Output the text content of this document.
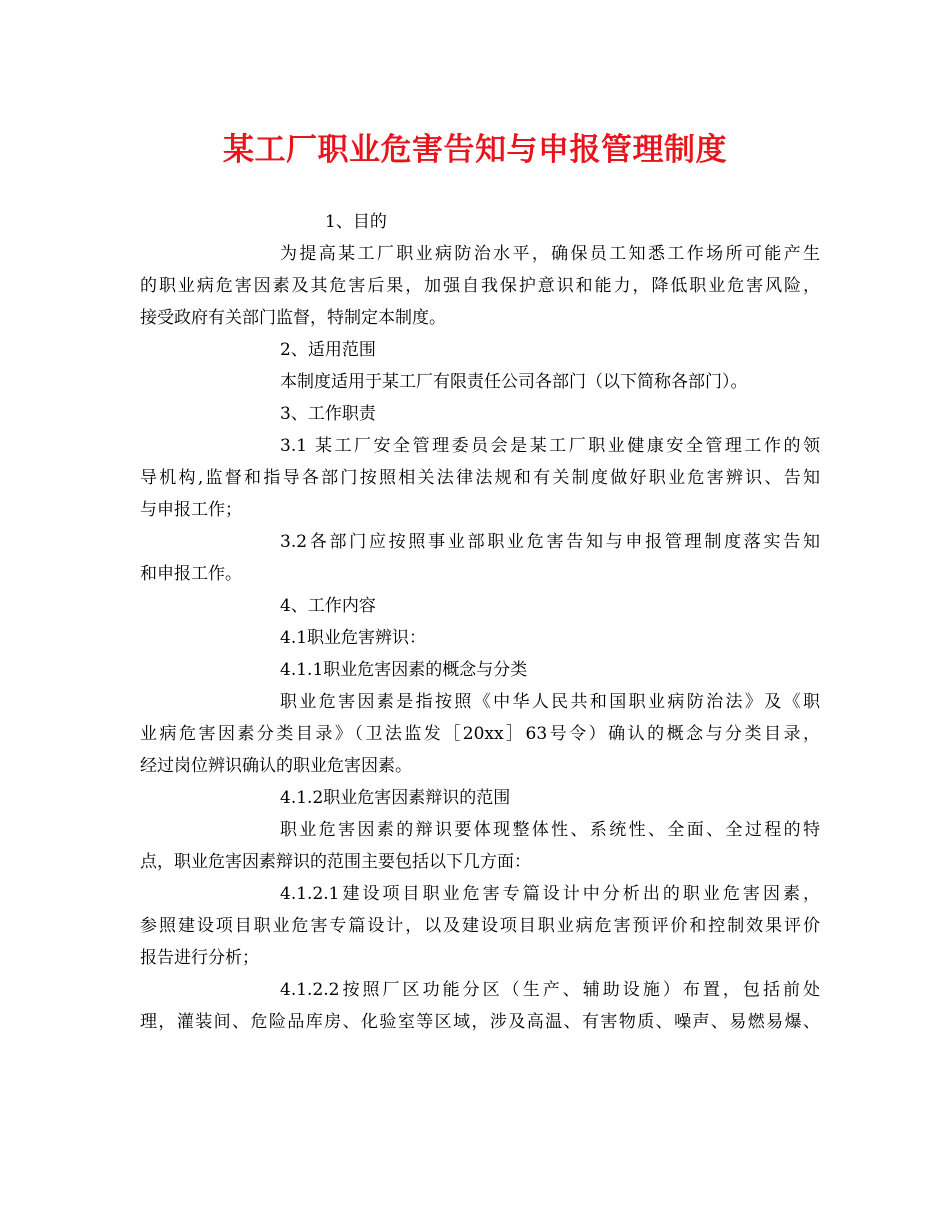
某工厂职业危害告知与申报管理制度
1、目的
为提高某工厂职业病防治水平，确保员工知悉工作场所可能产生
的职业病危害因素及其危害后果，加强自我保护意识和能力，降低职业危害风险，
接受政府有关部门监督，特制定本制度。
2、适用范围
本制度适用于某工厂有限责任公司各部门（以下简称各部门）。
3、工作职责
3.1 某工厂安全管理委员会是某工厂职业健康安全管理工作的领
导机构,监督和指导各部门按照相关法律法规和有关制度做好职业危害辨识、告知
与申报工作；
3.2各部门应按照事业部职业危害告知与申报管理制度落实告知
和申报工作。
4、工作内容
4.1职业危害辨识：
4.1.1职业危害因素的概念与分类
职业危害因素是指按照《中华人民共和国职业病防治法》及《职
业病危害因素分类目录》（卫法监发［20xx］63号令）确认的概念与分类目录，
经过岗位辨识确认的职业危害因素。
4.1.2职业危害因素辩识的范围
职业危害因素的辩识要体现整体性、系统性、全面、全过程的特
点，职业危害因素辩识的范围主要包括以下几方面：
4.1.2.1建设项目职业危害专篇设计中分析出的职业危害因素，
参照建设项目职业危害专篇设计，以及建设项目职业病危害预评价和控制效果评价
报告进行分析；
4.1.2.2按照厂区功能分区（生产、辅助设施）布置，包括前处
理，灌装间、危险品库房、化验室等区域，涉及高温、有害物质、噪声、易燃易爆、
